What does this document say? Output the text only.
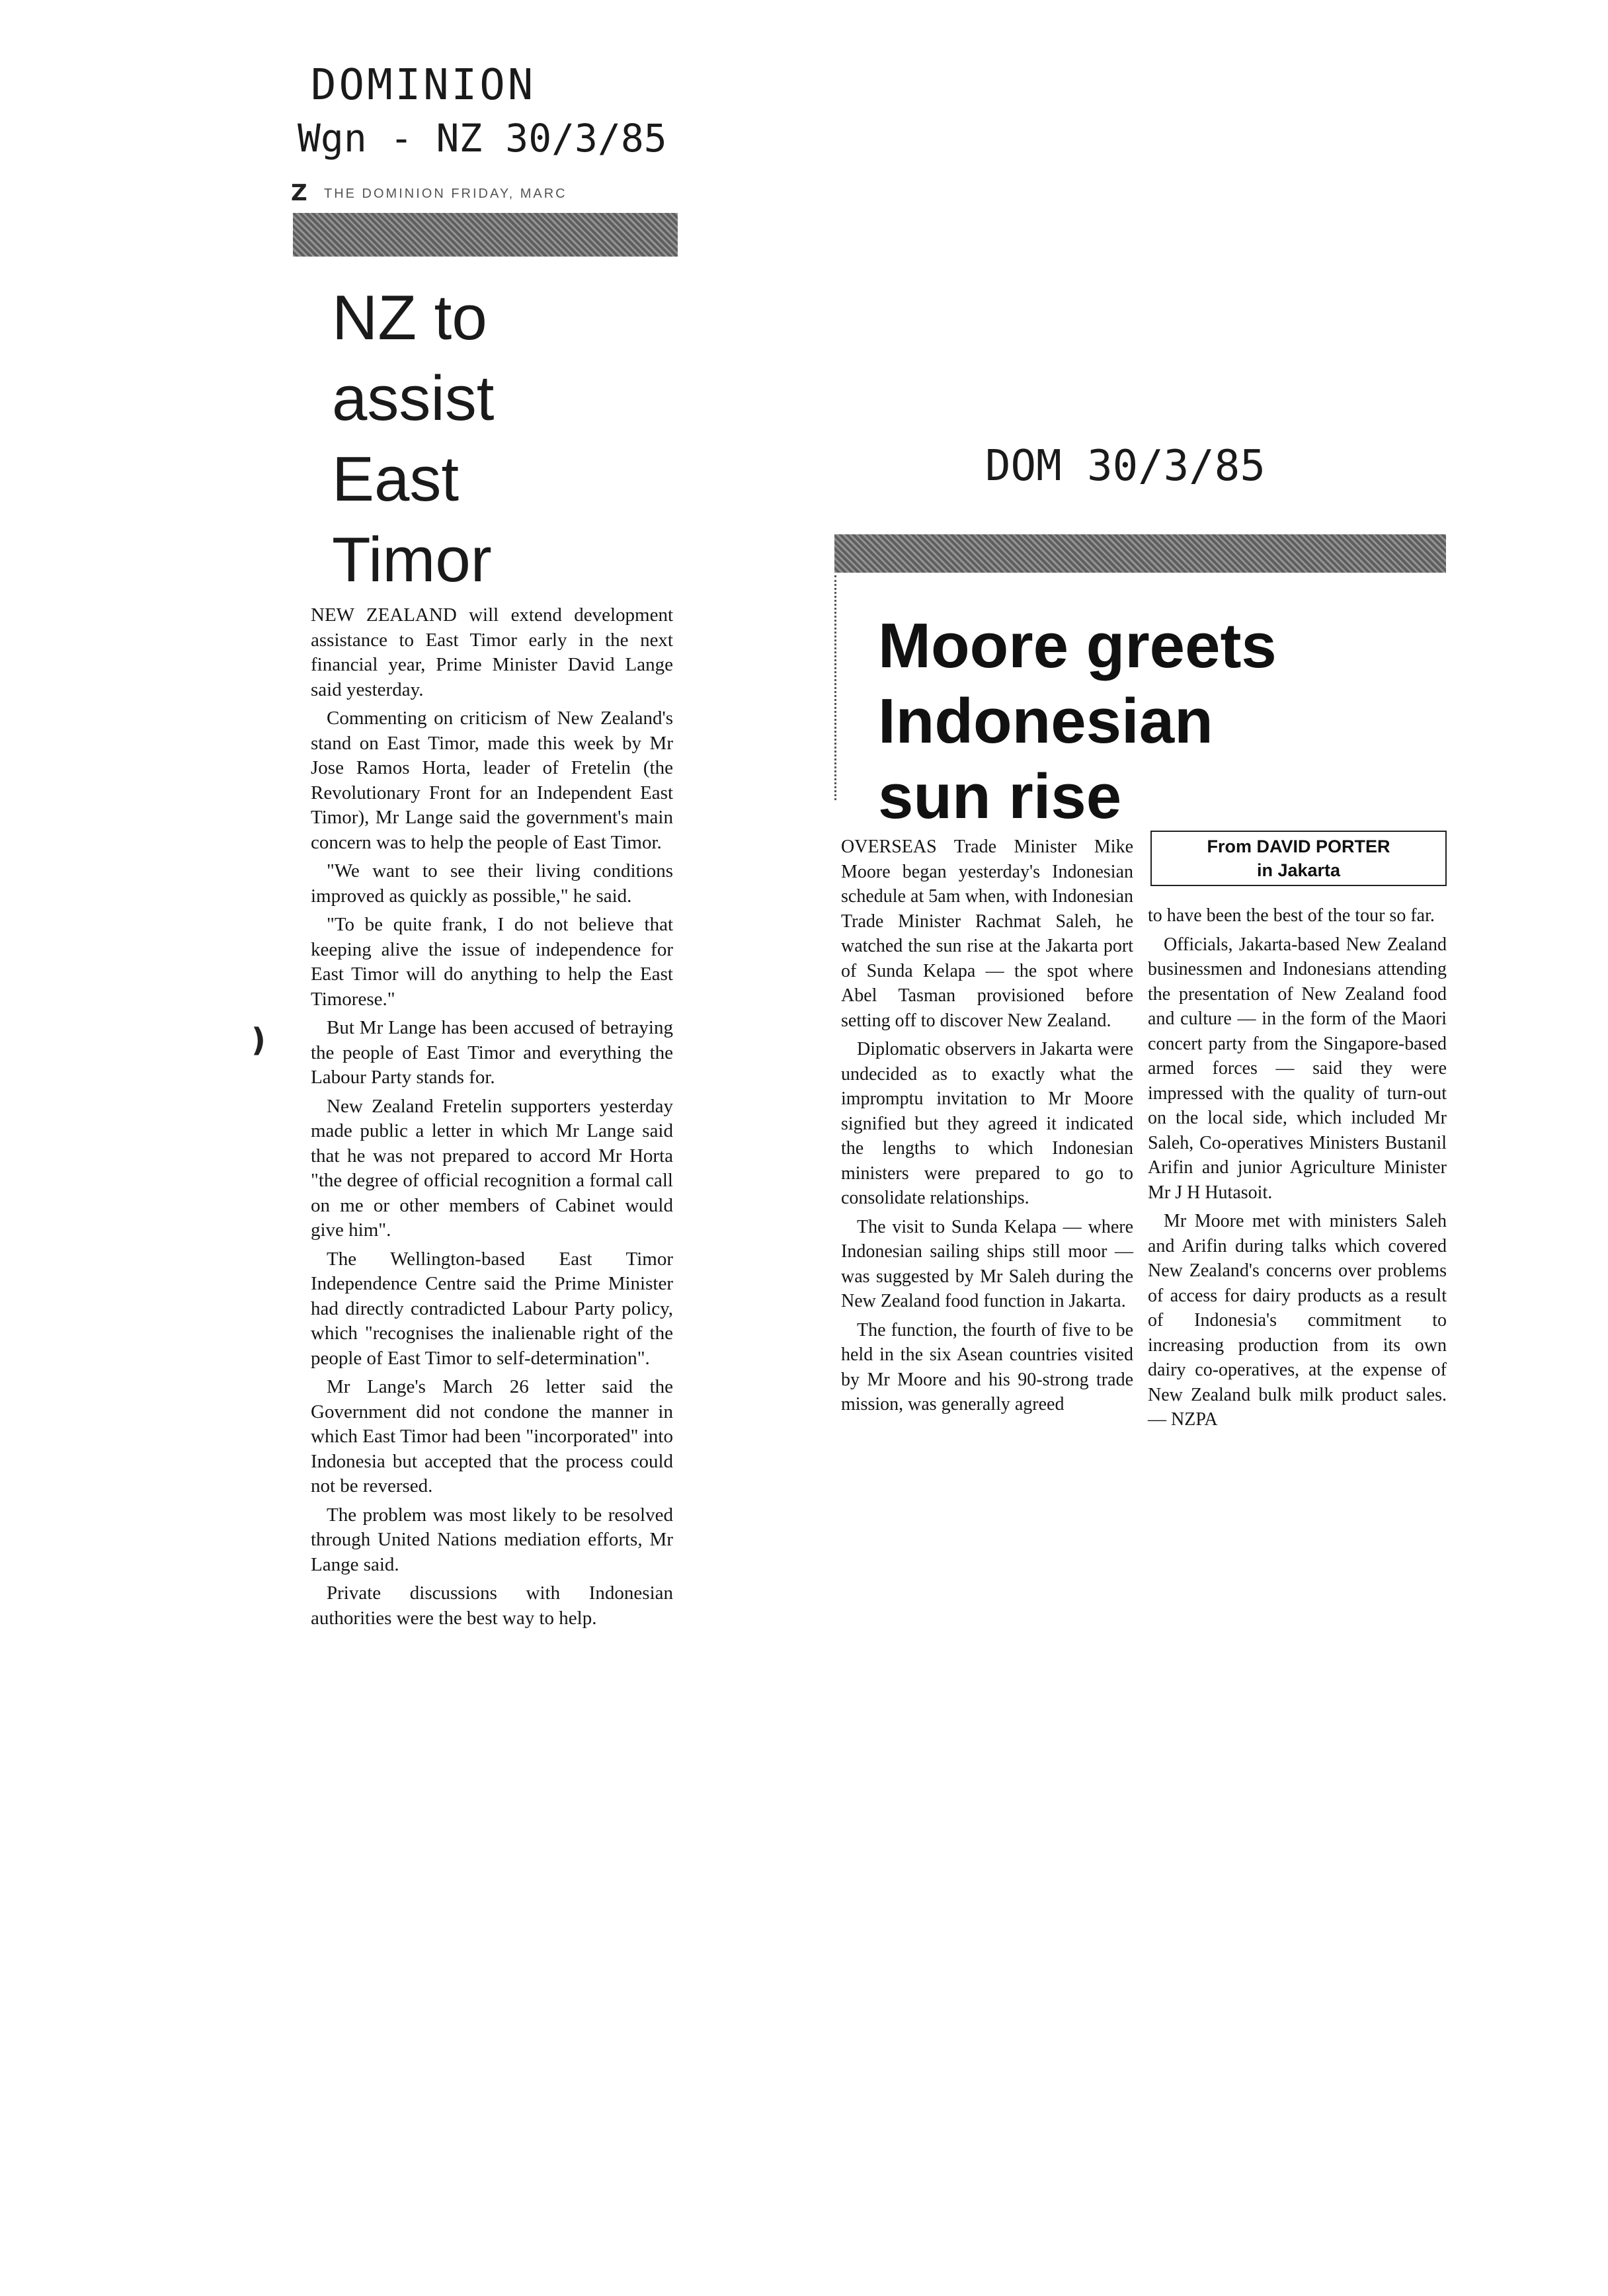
DOMINION
Wgn - NZ 30/3/85
DOM 30/3/85
Z THE DOMINION FRIDAY, MARC
NZ to
assist
East
Timor

NEW ZEALAND will extend development assistance to East Timor early in the next financial year, Prime Minister David Lange said yesterday.

Commenting on criticism of New Zealand's stand on East Timor, made this week by Mr Jose Ramos Horta, leader of Fretelin (the Revolutionary Front for an Independent East Timor), Mr Lange said the government's main concern was to help the people of East Timor.

"We want to see their living conditions improved as quickly as possible," he said.

"To be quite frank, I do not believe that keeping alive the issue of independence for East Timor will do anything to help the East Timorese."

But Mr Lange has been accused of betraying the people of East Timor and everything the Labour Party stands for.

New Zealand Fretelin supporters yesterday made public a letter in which Mr Lange said that he was not prepared to accord Mr Horta "the degree of official recognition a formal call on me or other members of Cabinet would give him".

The Wellington-based East Timor Independence Centre said the Prime Minister had directly contradicted Labour Party policy, which "recognises the inalienable right of the people of East Timor to self-determination".

Mr Lange's March 26 letter said the Government did not condone the manner in which East Timor had been "incorporated" into Indonesia but accepted that the process could not be reversed.

The problem was most likely to be resolved through United Nations mediation efforts, Mr Lange said.

Private discussions with Indonesian authorities were the best way to help.

)
Moore greets
Indonesian
sun rise

OVERSEAS Trade Minister Mike Moore began yesterday's Indonesian schedule at 5am when, with Indonesian Trade Minister Rachmat Saleh, he watched the sun rise at the Jakarta port of Sunda Kelapa — the spot where Abel Tasman provisioned before setting off to discover New Zealand.

Diplomatic observers in Jakarta were undecided as to exactly what the impromptu invitation to Mr Moore signified but they agreed it indicated the lengths to which Indonesian ministers were prepared to go to consolidate relationships.

The visit to Sunda Kelapa — where Indonesian sailing ships still moor — was suggested by Mr Saleh during the New Zealand food function in Jakarta.

The function, the fourth of five to be held in the six Asean countries visited by Mr Moore and his 90-strong trade mission, was generally agreed

From DAVID PORTER
in Jakarta

to have been the best of the tour so far.

Officials, Jakarta-based New Zealand businessmen and Indonesians attending the presentation of New Zealand food and culture — in the form of the Maori concert party from the Singapore-based armed forces — said they were impressed with the quality of turn-out on the local side, which included Mr Saleh, Co-operatives Ministers Bustanil Arifin and junior Agriculture Minister Mr J H Hutasoit.

Mr Moore met with ministers Saleh and Arifin during talks which covered New Zealand's concerns over problems of access for dairy products as a result of Indonesia's commitment to increasing production from its own dairy co-operatives, at the expense of New Zealand bulk milk product sales. — NZPA
